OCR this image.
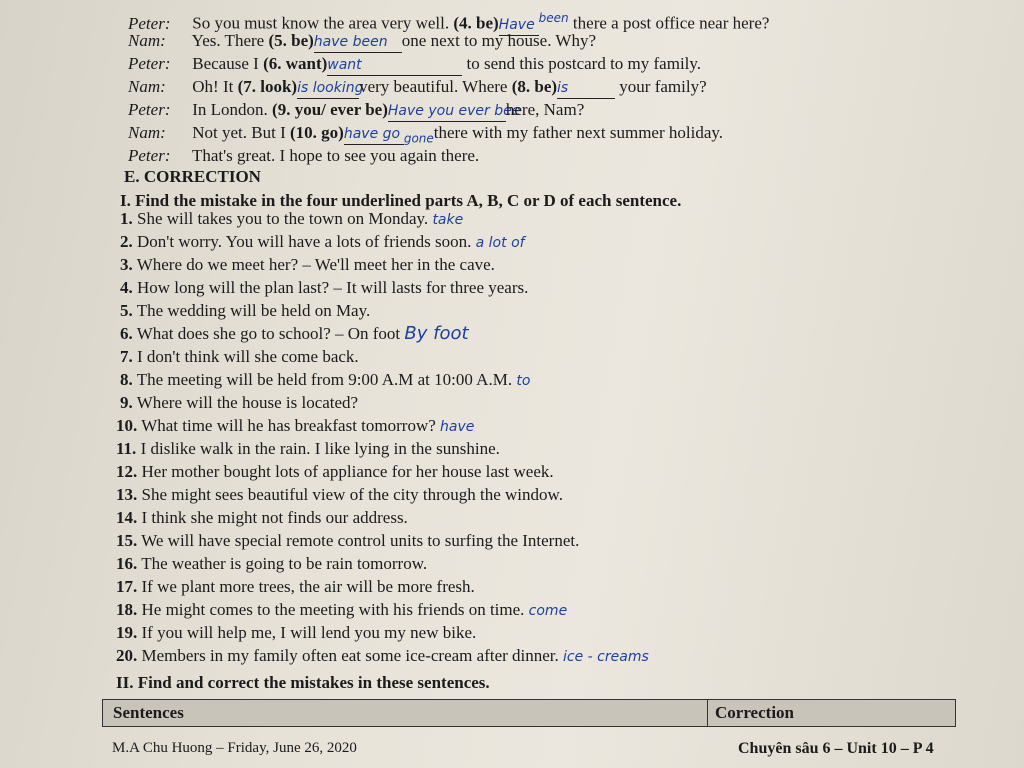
Peter: So you must know the area very well. (4. be)Have $^{been}$ there a post office near here?
Nam: Yes. There (5. be)have been one next to my house. Why?
Peter: Because I (6. want)want	to send this postcard to my family.
Nam: Oh! It (7. look)is lookingvery beautiful. Where (8. be)is	your family?
Peter: In London. (9. you/ ever be)Have you ever beehere, Nam?
Nam: Not yet. But I (10. go)have go $_{gone}$there with my father next summer holiday.
Peter: That's great. I hope to see you again there.
E. CORRECTION
I. Find the mistake in the four underlined parts A, B, C or D of each sentence.
1. She will takes you to the town on Monday. take
2. Don't worry. You will have a lots of friends soon. a lot of
3. Where do we meet her? – We'll meet her in the cave.
4. How long will the plan last? – It will lasts for three years.
5. The wedding will be held on May.
6. What does she go to school? – On foot By foot
7. I don't think will she come back.
8. The meeting will be held from 9:00 A.M at 10:00 A.M. to
9. Where will the house is located?
10. What time will he has breakfast tomorrow? have
11. I dislike walk in the rain. I like lying in the sunshine.
12. Her mother bought lots of appliance for her house last week.
13. She might sees beautiful view of the city through the window.
14. I think she might not finds our address.
15. We will have special remote control units to surfing the Internet.
16. The weather is going to be rain tomorrow.
17. If we plant more trees, the air will be more fresh.
18. He might comes to the meeting with his friends on time. come
19. If you will help me, I will lend you my new bike.
20. Members in my family often eat some ice-cream after dinner. ice - creams
II. Find and correct the mistakes in these sentences.
Sentences	Correction
M.A Chu Huong – Friday, June 26, 2020	Chuyên sâu 6 – Unit 10 – P 4
